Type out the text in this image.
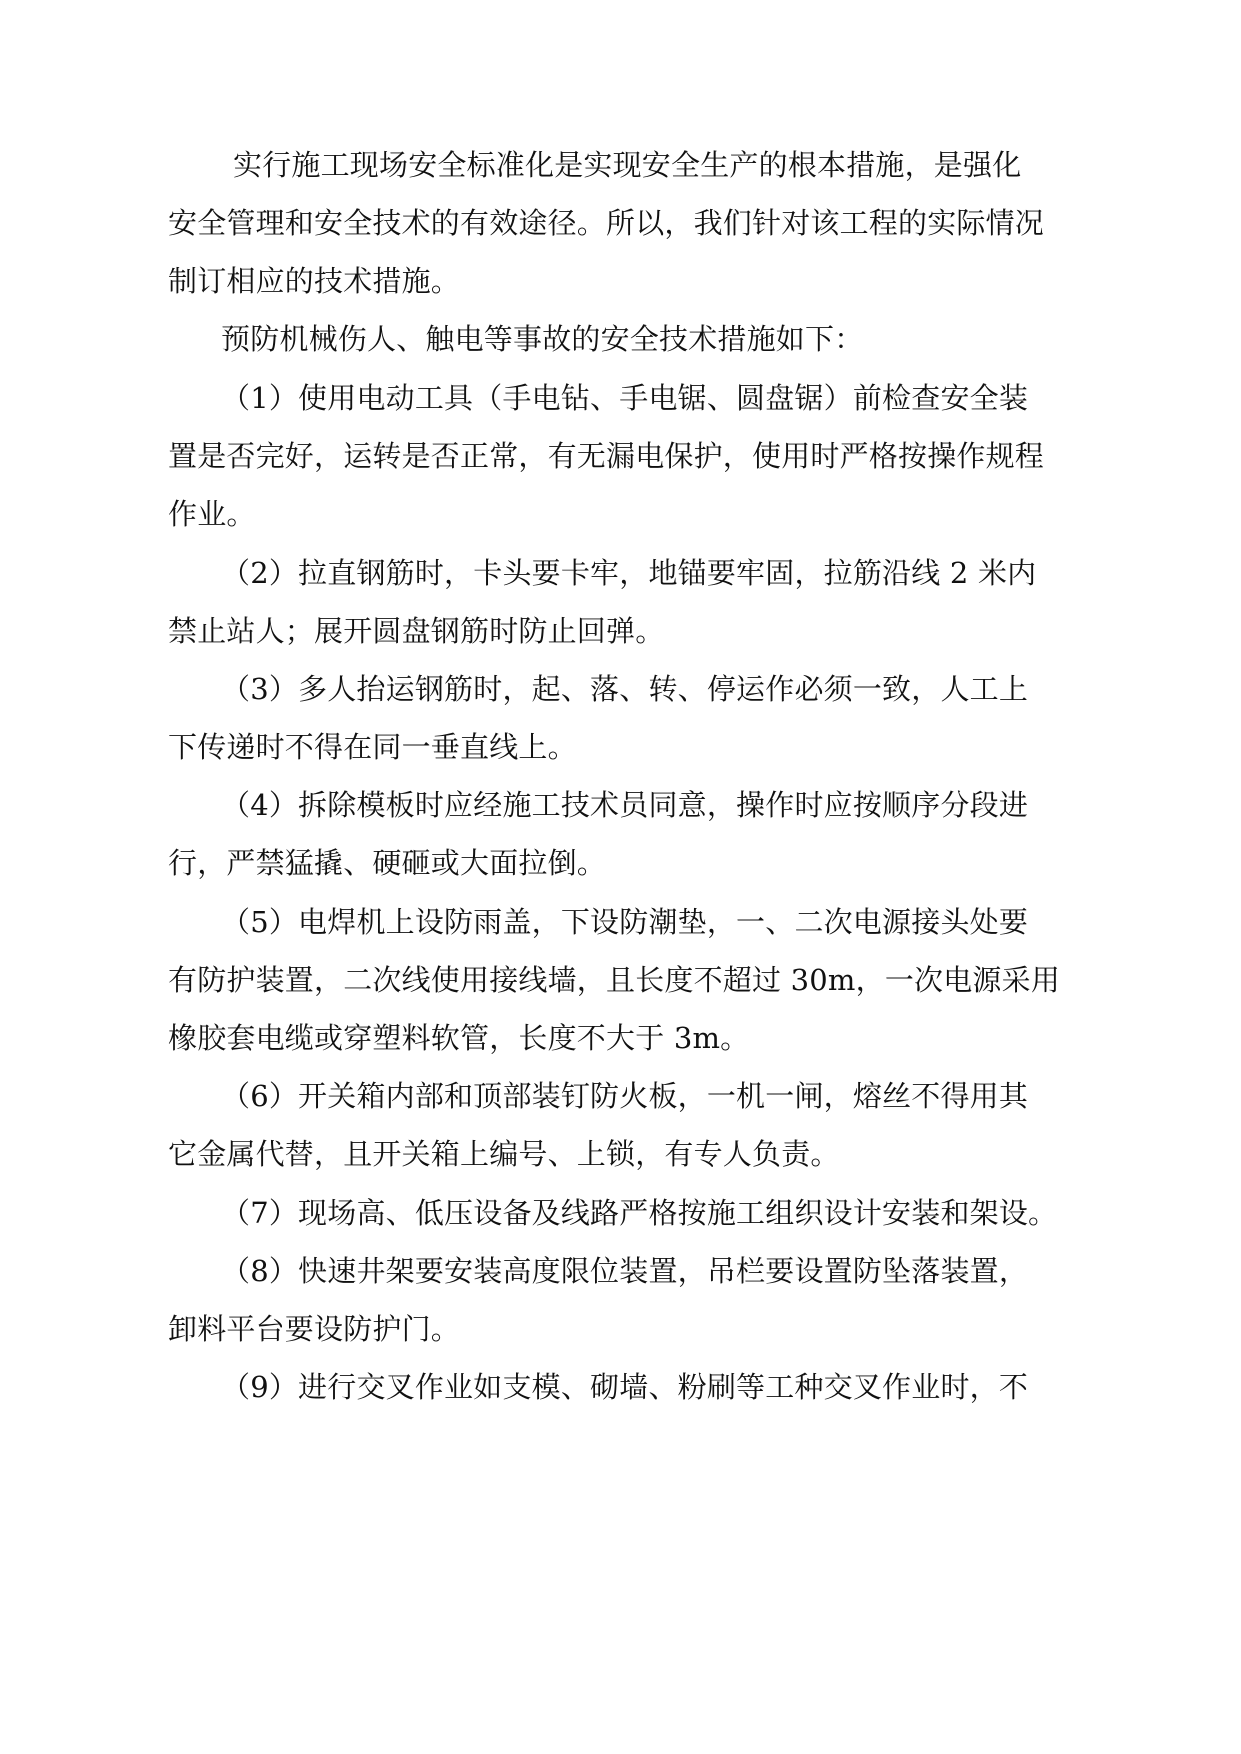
实行施工现场安全标准化是实现安全生产的根本措施，是强化
安全管理和安全技术的有效途径。所以，我们针对该工程的实际情况
制订相应的技术措施。
预防机械伤人、触电等事故的安全技术措施如下：
（1）使用电动工具（手电钻、手电锯、圆盘锯）前检查安全装
置是否完好，运转是否正常，有无漏电保护，使用时严格按操作规程
作业。
（2）拉直钢筋时，卡头要卡牢，地锚要牢固，拉筋沿线 2 米内
禁止站人；展开圆盘钢筋时防止回弹。
（3）多人抬运钢筋时，起、落、转、停运作必须一致，人工上
下传递时不得在同一垂直线上。
（4）拆除模板时应经施工技术员同意，操作时应按顺序分段进
行，严禁猛撬、硬砸或大面拉倒。
（5）电焊机上设防雨盖，下设防潮垫，一、二次电源接头处要
有防护装置，二次线使用接线墙，且长度不超过 30m，一次电源采用
橡胶套电缆或穿塑料软管，长度不大于 3m。
（6）开关箱内部和顶部装钉防火板，一机一闸，熔丝不得用其
它金属代替，且开关箱上编号、上锁，有专人负责。
（7）现场高、低压设备及线路严格按施工组织设计安装和架设。
（8）快速井架要安装高度限位装置，吊栏要设置防坠落装置，
卸料平台要设防护门。
（9）进行交叉作业如支模、砌墙、粉刷等工种交叉作业时，不
